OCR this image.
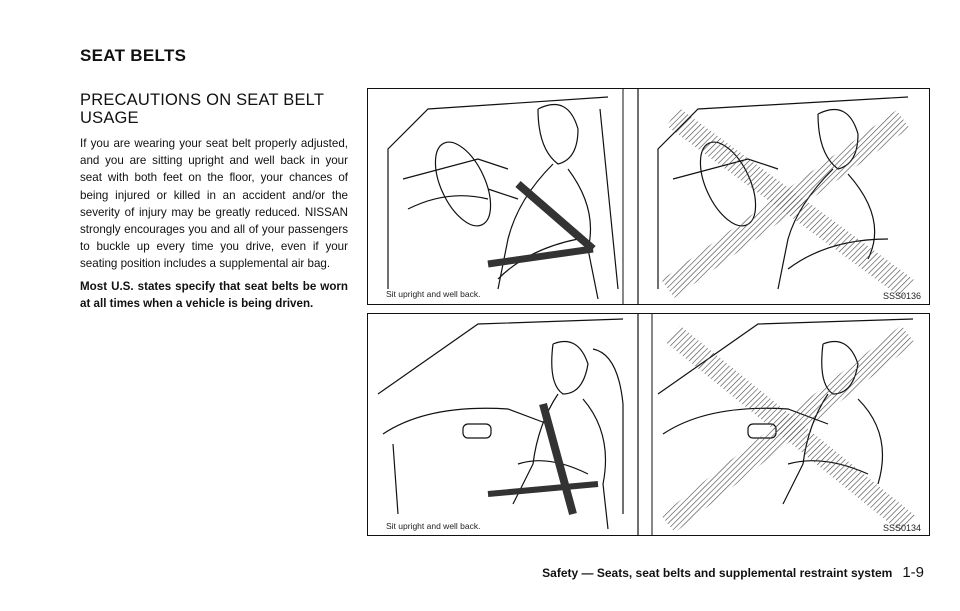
SEAT BELTS
PRECAUTIONS ON SEAT BELT USAGE

If you are wearing your seat belt properly adjusted, and you are sitting upright and well back in your seat with both feet on the floor, your chances of being injured or killed in an accident and/or the severity of injury may be greatly reduced. NISSAN strongly encourages you and all of your passengers to buckle up every time you drive, even if your seating position includes a supplemental air bag.

Most U.S. states specify that seat belts be worn at all times when a vehicle is being driven.

Sit upright and well back.	SSS0136
Sit upright and well back.	SSS0134
Safety — Seats, seat belts and supplemental restraint system 1-9
